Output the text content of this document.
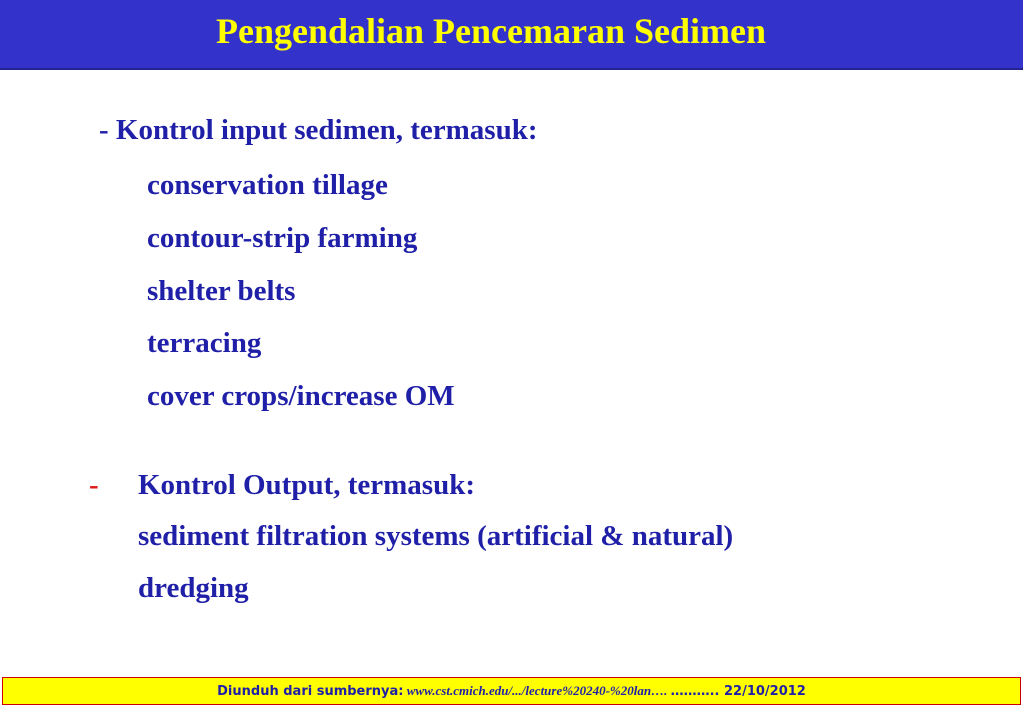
Pengendalian Pencemaran Sedimen
- Kontrol input sedimen, termasuk:
conservation tillage
contour-strip farming
shelter belts
terracing
cover crops/increase OM
- Kontrol Output, termasuk:
sediment filtration systems (artificial & natural)
dredging
Diunduh dari sumbernya: www.cst.cmich.edu/.../lecture%20240-%20lan…. ……….. 22/10/2012
